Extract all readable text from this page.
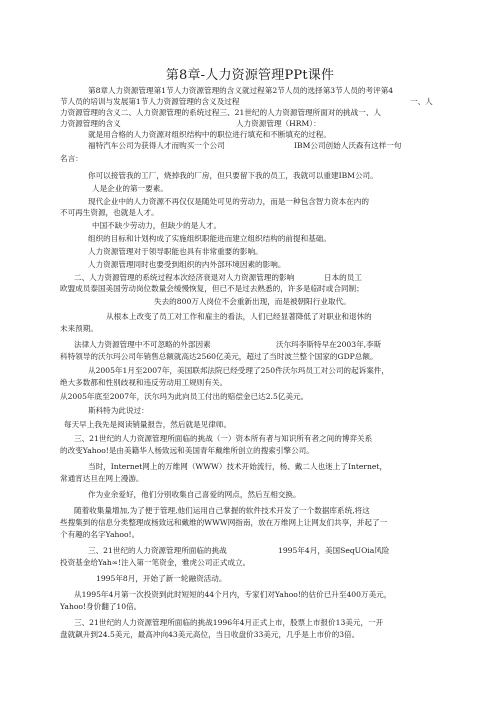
第8章-人力资源管理PPt课件
第8章人力资源管理第1节人力资源管理的含义就过程第2节人员的选择第3节人员的考评第4
节人员的培训与发展第1节人力资源管理的含义及过程	一、人
力资源管理的含义二、人力资源管理的系统过程三、21世纪的人力资源管理所面对的挑战一、人
力资源管理的含义	人力资源管理（HRM）：
就是用合格的人力资源对组织结构中的职位进行填充和不断填充的过程。
福特汽车公司为获得人才而购买一个公司	IBM公司创始人沃森有这样一句
名言：
你可以接管我的工厂，烧掉我的厂房，但只要留下我的员工，我就可以重建IBM公司。
人是企业的第一要素。
现代企业中的人力资源不再仅仅是随处可见的劳动力，而是一种包含智力资本在内的
不可再生资源，也就是人才。
中国不缺少劳动力，但缺少的是人才。
组织的目标和计划构成了实施组织职能进而建立组织结构的前提和基础。
人力资源管理对于领导职能也具有非常重要的影响。
人力资源管理同时也要受到组织的内外部环境因素的影响。
二、人力资源管理的系统过程本次经济衰退对人力资源管理的影响	日本的员工
欧盟成员泰国美国劳动岗位数量会缓慢恢复，但已不是过去熟悉的，许多是临时或合同制；
失去的800万人岗位不会重新出现，而是被朝阳行业取代。
从根本上改变了员工对工作和雇主的看法，人们已经显著降低了对职业和退休的
未来预期。
法律人力资源管理中不可忽略的外部因素	沃尔玛李斯特早在2003年,李斯
科特领导的沃尔玛公司年销售总额就高达2560亿美元，超过了当时波兰整个国家的GDP总额。
从2005年1月至2007年，美国联邦法院已经受理了250件沃尔玛员工对公司的起诉案件，
绝大多数都和性别歧视和违反劳动用工规则有关。
从2005年底至2007年，沃尔玛为此向员工付出的赔偿金已达2.5亿美元。
斯科特为此说过：
每天早上我先是阅读销量报告，然后就是见律师。
三、21世纪的人力资源管理所面临的挑战（一）资本所有者与知识所有者之间的博弈关系
的改变Yahoo!是由美籍华人杨致远和美国青年戴维所创立的搜索引擎公司。
当时，Internet网上的万维网（WWW）技术开始流行，杨、戴二人也迷上了Internet，
常通宵达旦在网上漫游。
作为业余爱好，他们分别收集自己喜爱的网点，然后互相交换。
随着收集量增加,为了便于管理,他们运用自己掌握的软件技术开发了一个数据库系统,将这
些搜集到的信息分类整理成杨致远和戴维的WWW网指南，放在万维网上让网友们共享，并起了一
个有趣的名字Yahoo!。
三、21世纪的人力资源管理所面临的挑战	1995年4月，美国SeqUOia风险
投资基金给Yah∞!注入第一笔资金，雅虎公司正式成立。
1995年8月，开始了新一轮融资活动。
从1995年4月第一次投资到此时短短的44个月内，专家们对Yahoo!的估价已升至400万美元，
Yahoo!身价翻了10倍。
三、21世纪的人力资源管理所面临的挑战1996年4月正式上市，股票上市报价13美元，一开
盘就飙升到24.5美元，最高冲向43美元高位，当日收盘价33美元，几乎是上市价的3倍。
